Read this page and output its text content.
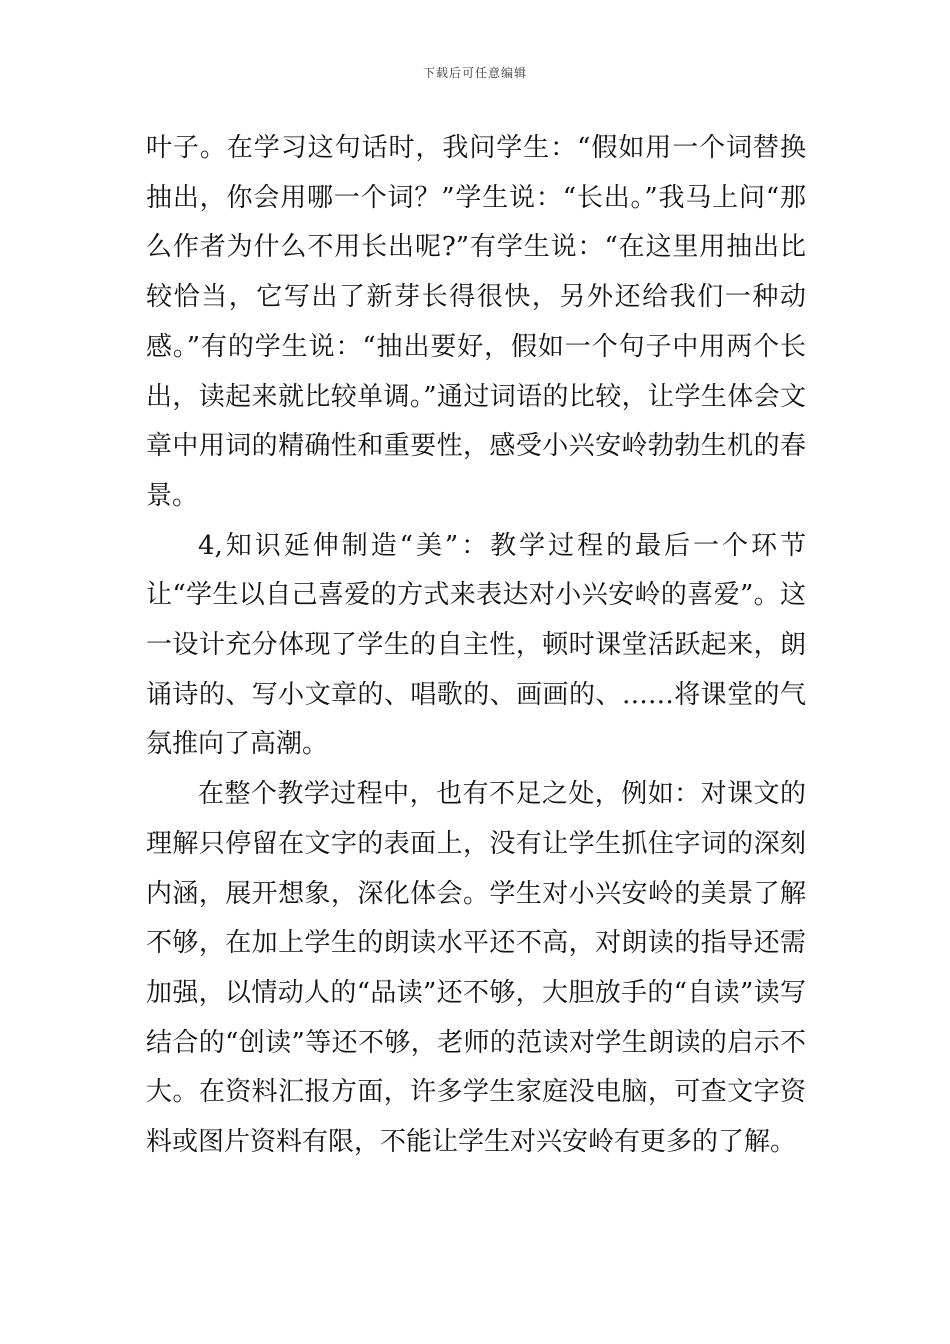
下载后可任意编辑

叶子。在学习这句话时，我问学生：“假如用一个词替换抽出，你会用哪一个词？”学生说：“长出。”我马上问“那么作者为什么不用长出呢?”有学生说：“在这里用抽出比较恰当，它写出了新芽长得很快，另外还给我们一种动感。”有的学生说：“抽出要好，假如一个句子中用两个长出，读起来就比较单调。”通过词语的比较，让学生体会文章中用词的精确性和重要性，感受小兴安岭勃勃生机的春景。

4,知识延伸制造“美”：教学过程的最后一个环节让“学生以自己喜爱的方式来表达对小兴安岭的喜爱”。这一设计充分体现了学生的自主性，顿时课堂活跃起来，朗诵诗的、写小文章的、唱歌的、画画的、……将课堂的气氛推向了高潮。

在整个教学过程中，也有不足之处，例如：对课文的理解只停留在文字的表面上，没有让学生抓住字词的深刻内涵，展开想象，深化体会。学生对小兴安岭的美景了解不够，在加上学生的朗读水平还不高，对朗读的指导还需加强，以情动人的“品读”还不够，大胆放手的“自读”读写结合的“创读”等还不够，老师的范读对学生朗读的启示不大。在资料汇报方面，许多学生家庭没电脑，可查文字资料或图片资料有限，不能让学生对兴安岭有更多的了解。
